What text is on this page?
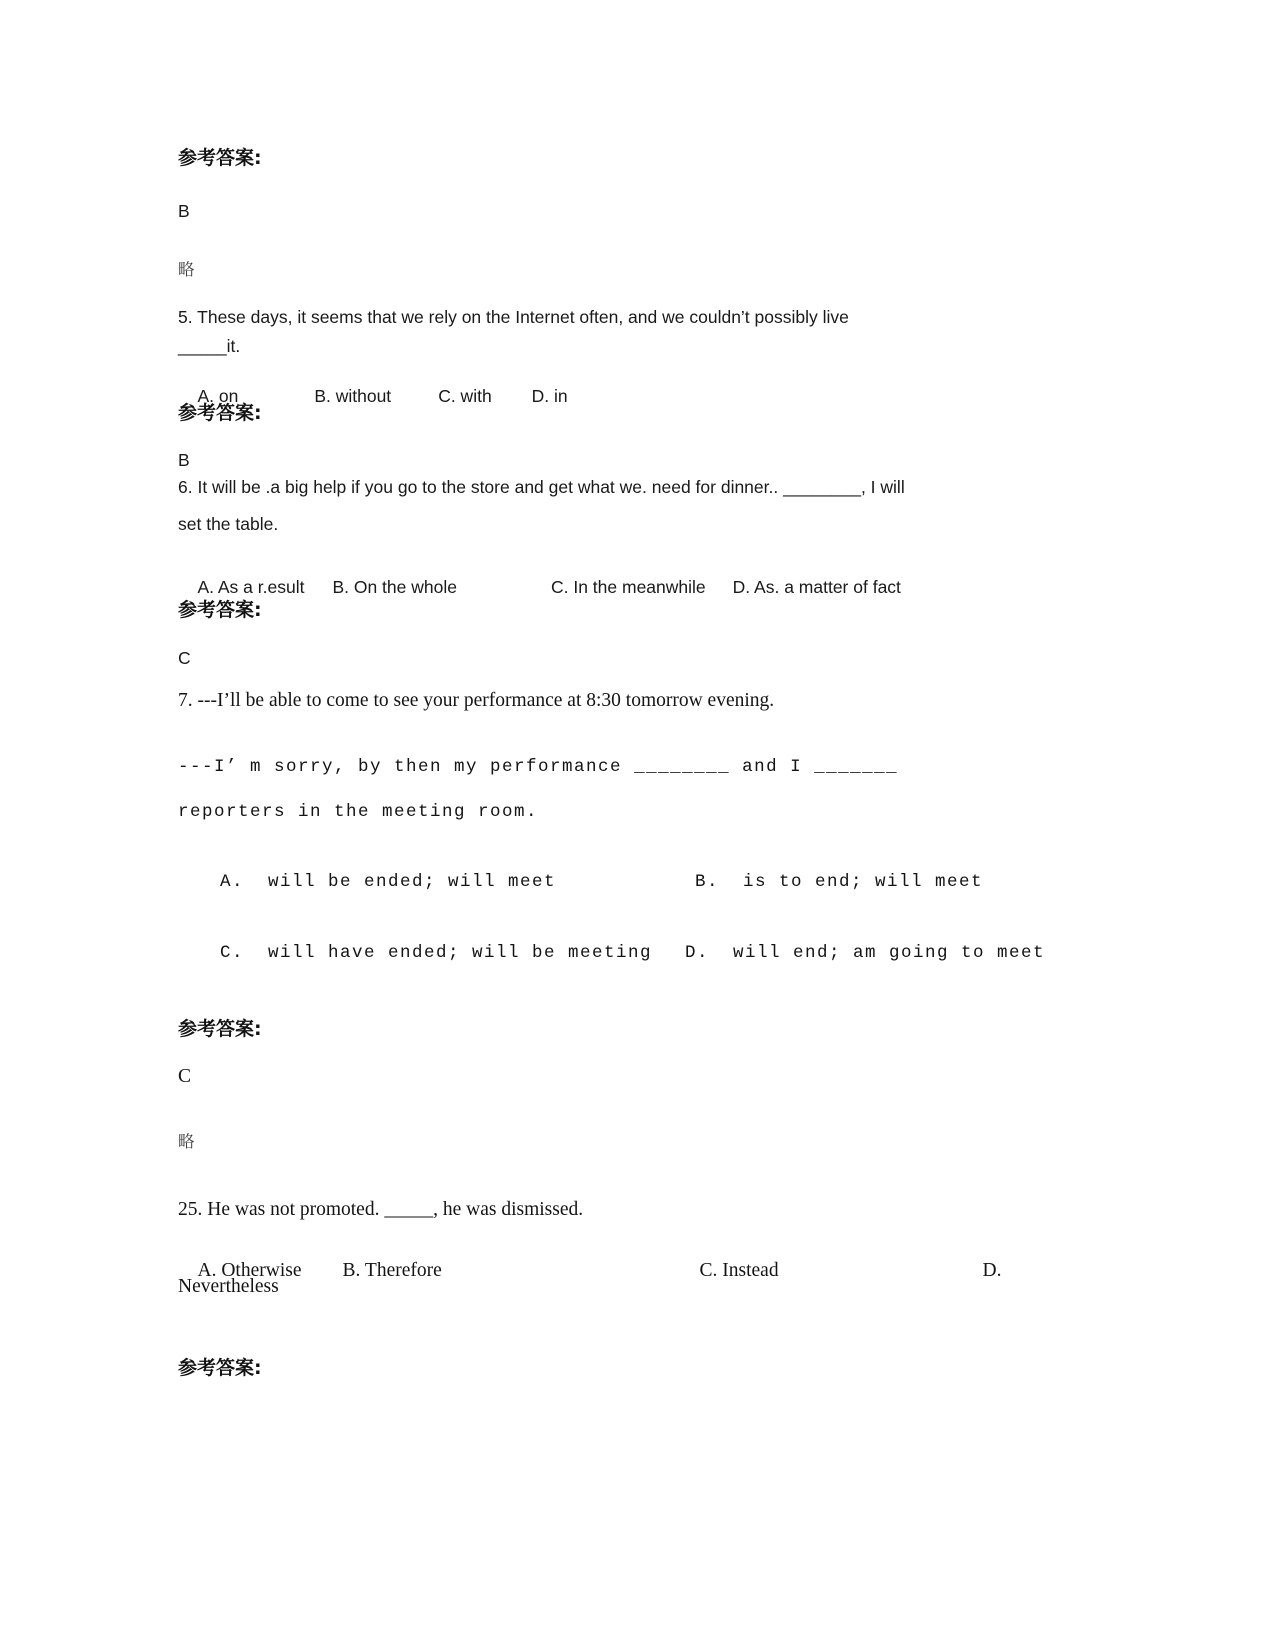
参考答案:
B
略
5. These days, it seems that we rely on the Internet often, and we couldn’t possibly live
_____it.

A. on	B. without	C. with D. in

参考答案:
B
6. It will be .a big help if you go to the store and get what we. need for dinner.. ________, I will
set the table.

A. As a r.esult B. On the whole	C. In the meanwhile D. As. a matter of fact

参考答案:
C
7. ---I’ll be able to come to see your performance at 8:30 tomorrow evening.
---I’ m sorry, by then my performance ________ and I _______
reporters in the meeting room.
A.  will be ended; will meet	B.  is to end; will meet
C.  will have ended; will be meeting D.  will end; am going to meet
参考答案:
C
略
25. He was not promoted. _____, he was dismissed.

A. Otherwise B. Therefore	C. Instead	D.

Nevertheless
参考答案:
